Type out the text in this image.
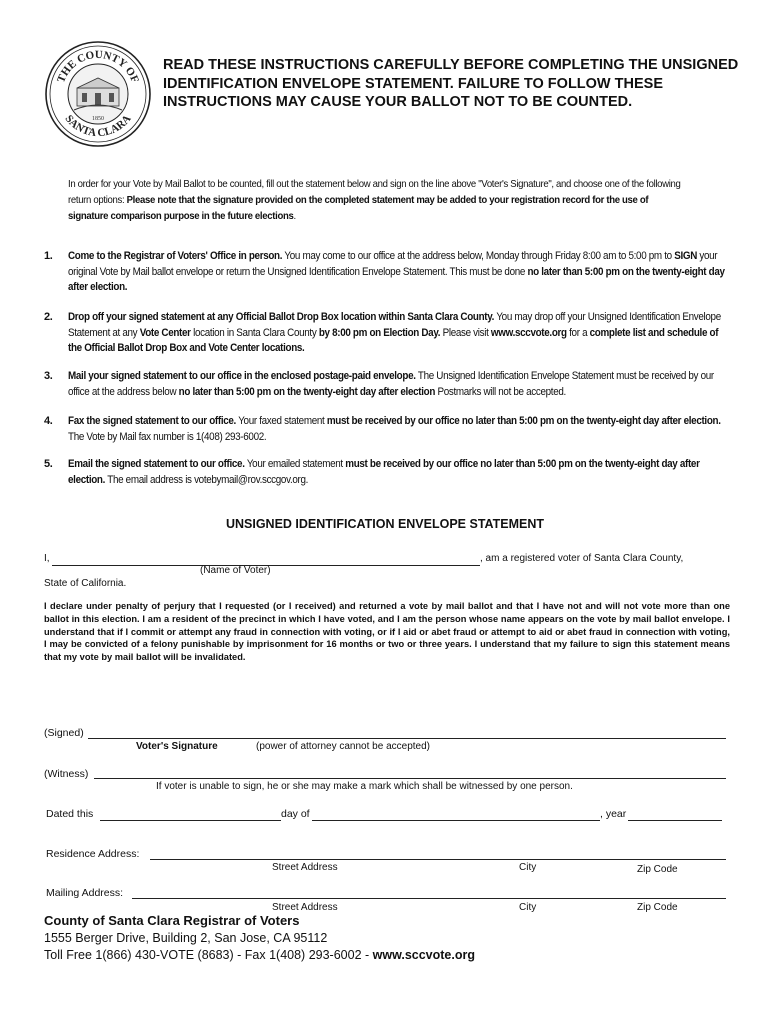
THE COUNTY OF
SANTA CLARA
1850
READ THESE INSTRUCTIONS CAREFULLY BEFORE COMPLETING THE UNSIGNED IDENTIFICATION ENVELOPE STATEMENT. FAILURE TO FOLLOW THESE INSTRUCTIONS MAY CAUSE YOUR BALLOT NOT TO BE COUNTED.
In order for your Vote by Mail Ballot to be counted, fill out the statement below and sign on the line above "Voter's Signature", and choose one of the following return options: Please note that the signature provided on the completed statement may be added to your registration record for the use of signature comparison purpose in the future elections.
1. Come to the Registrar of Voters' Office in person. You may come to our office at the address below, Monday through Friday 8:00 am to 5:00 pm to SIGN your original Vote by Mail ballot envelope or return the Unsigned Identification Envelope Statement. This must be done no later than 5:00 pm on the twenty-eight day after election.
2. Drop off your signed statement at any Official Ballot Drop Box location within Santa Clara County. You may drop off your Unsigned Identification Envelope Statement at any Vote Center location in Santa Clara County by 8:00 pm on Election Day. Please visit www.sccvote.org for a complete list and schedule of the Official Ballot Drop Box and Vote Center locations.
3. Mail your signed statement to our office in the enclosed postage-paid envelope. The Unsigned Identification Envelope Statement must be received by our office at the address below no later than 5:00 pm on the twenty-eight day after election Postmarks will not be accepted.
4. Fax the signed statement to our office. Your faxed statement must be received by our office no later than 5:00 pm on the twenty-eight day after election. The Vote by Mail fax number is 1(408) 293-6002.
5. Email the signed statement to our office. Your emailed statement must be received by our office no later than 5:00 pm on the twenty-eight day after election. The email address is votebymail@rov.sccgov.org.
UNSIGNED IDENTIFICATION ENVELOPE STATEMENT
I,	, am a registered voter of Santa Clara County,
(Name of Voter)
State of California.
I declare under penalty of perjury that I requested (or I received) and returned a vote by mail ballot and that I have not and will not vote more than one ballot in this election. I am a resident of the precinct in which I have voted, and I am the person whose name appears on the vote by mail ballot envelope. I understand that if I commit or attempt any fraud in connection with voting, or if I aid or abet fraud or attempt to aid or abet fraud in connection with voting, I may be convicted of a felony punishable by imprisonment for 16 months or two or three years. I understand that my failure to sign this statement means that my vote by mail ballot will be invalidated.
(Signed)
Voter's Signature	(power of attorney cannot be accepted)
(Witness)
If voter is unable to sign, he or she may make a mark which shall be witnessed by one person.
Dated this	day of	, year
Residence Address:
Street Address	City	Zip Code
Mailing Address:
Street Address	City	Zip Code
County of Santa Clara Registrar of Voters
1555 Berger Drive, Building 2, San Jose, CA 95112
Toll Free 1(866) 430-VOTE (8683) - Fax 1(408) 293-6002 - www.sccvote.org
